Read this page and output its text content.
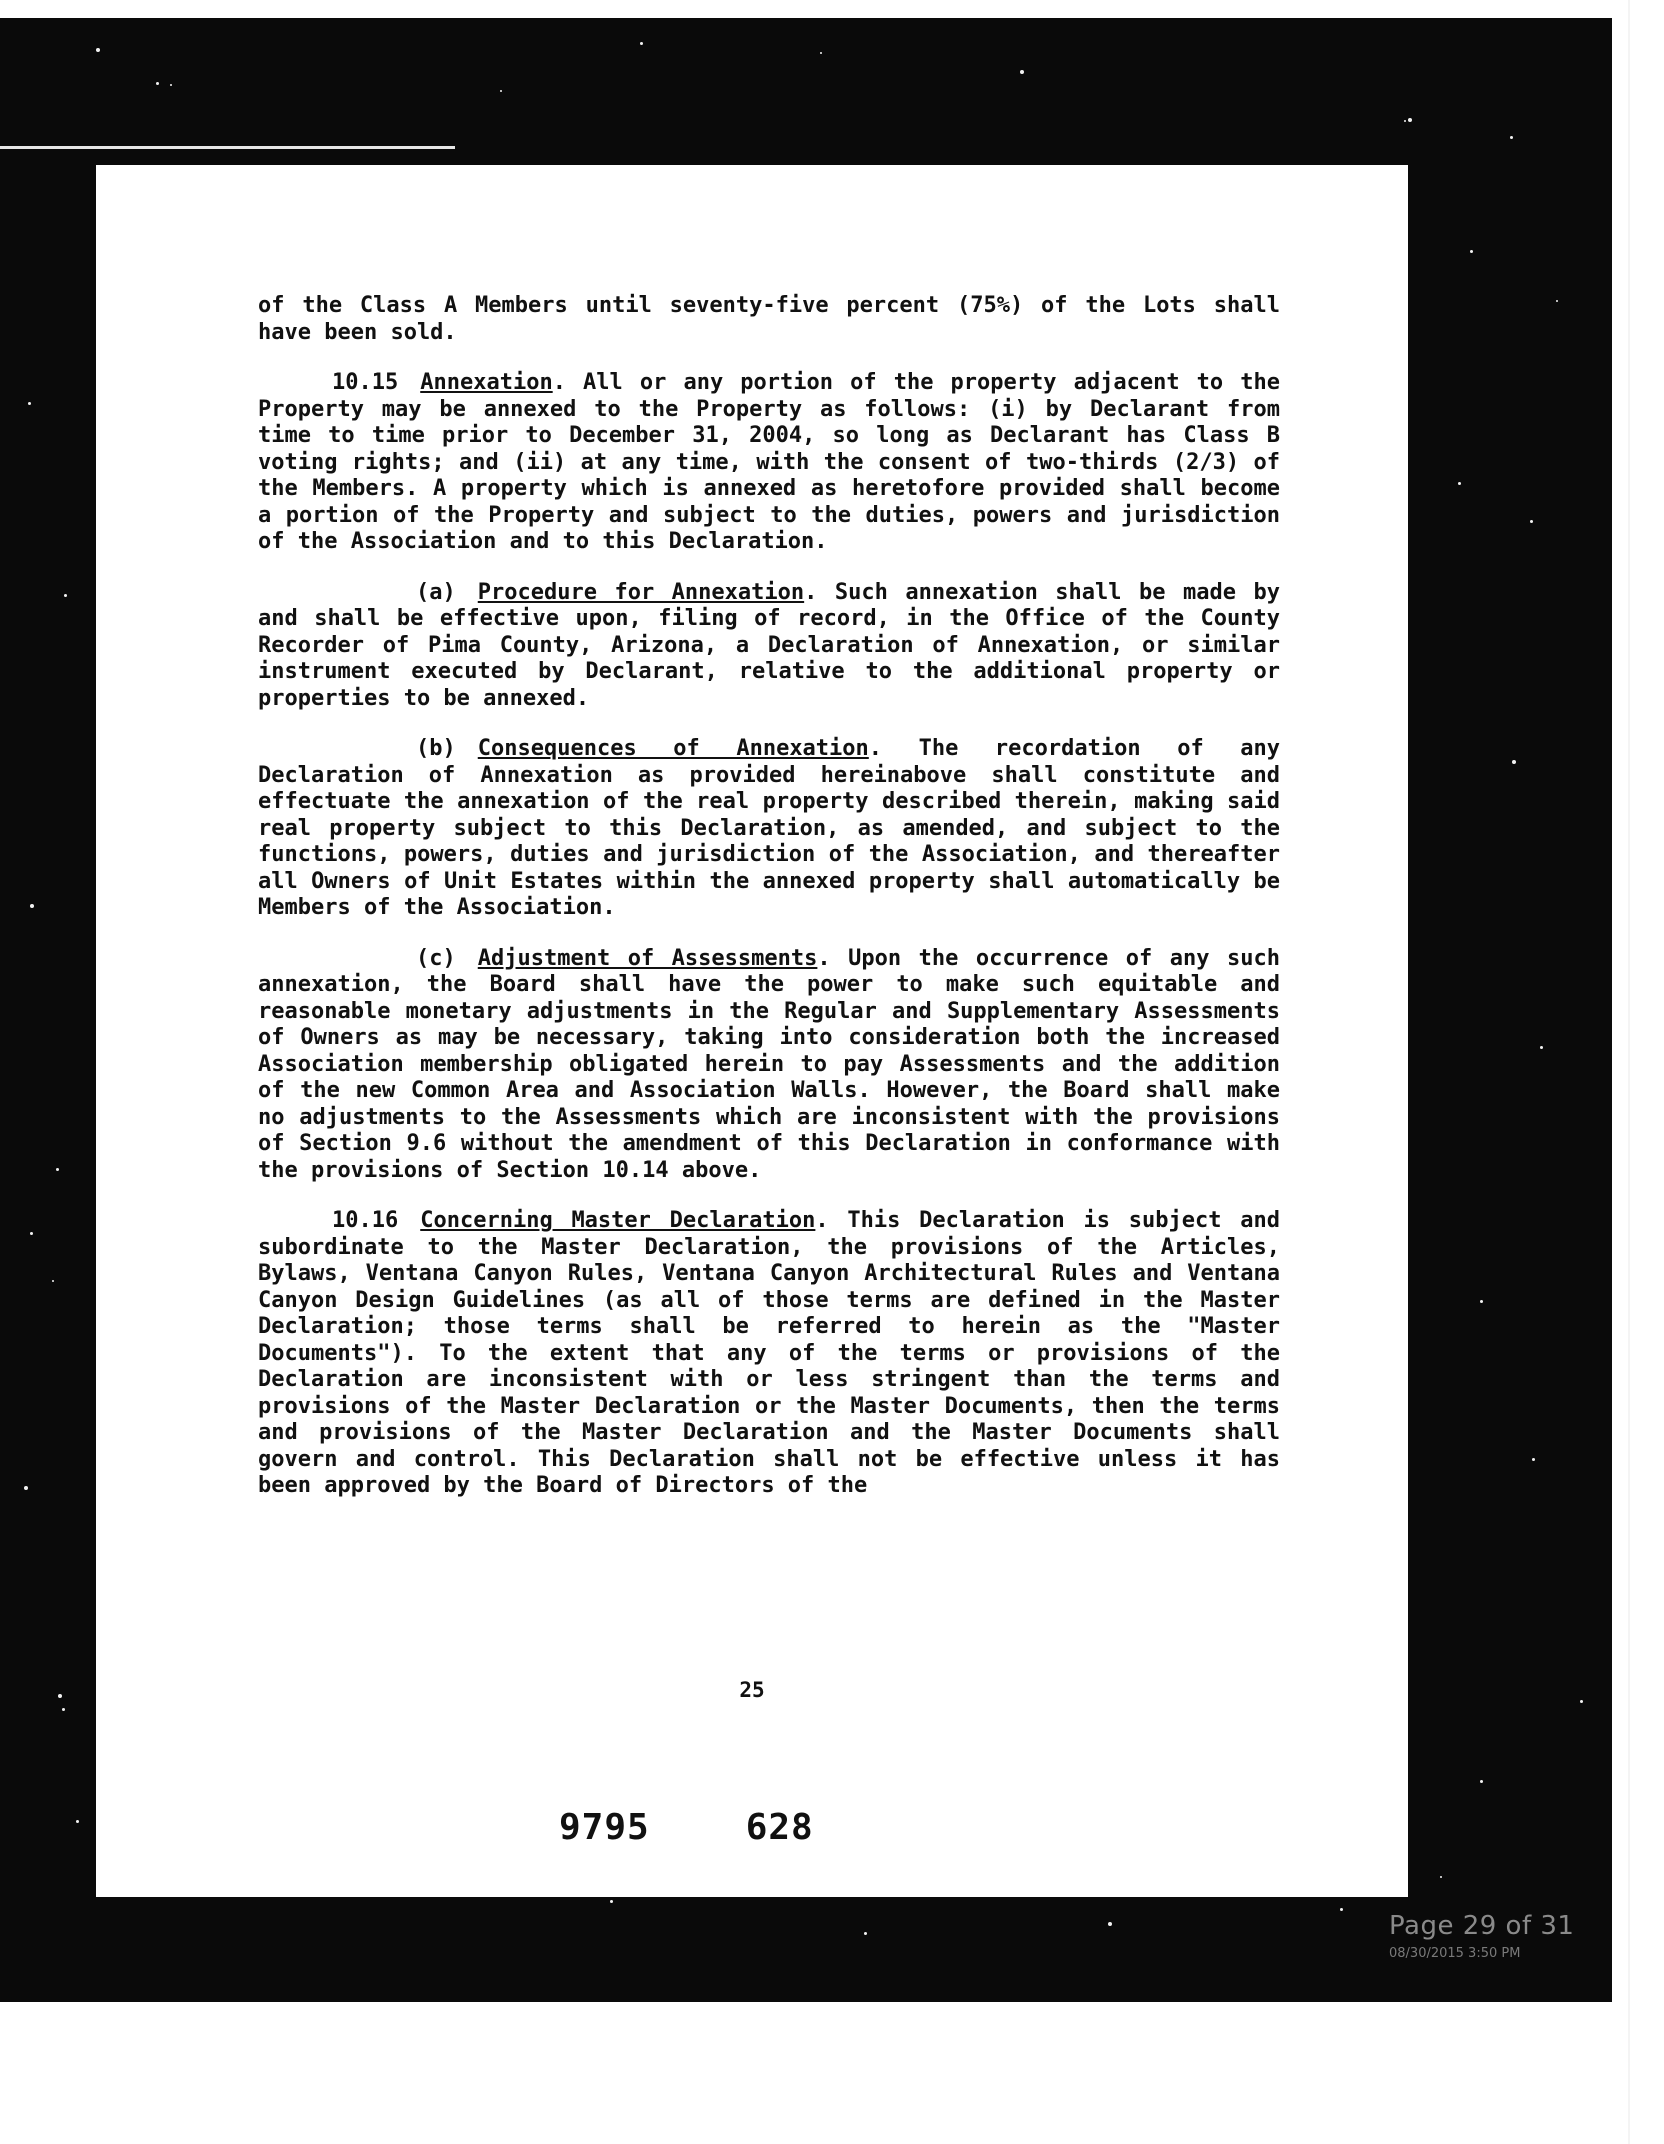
of the Class A Members until seventy-five percent (75%) of the Lots shall have been sold.

10.15 Annexation. All or any portion of the property adjacent to the Property may be annexed to the Property as follows: (i) by Declarant from time to time prior to December 31, 2004, so long as Declarant has Class B voting rights; and (ii) at any time, with the consent of two-thirds (2/3) of the Members. A property which is annexed as heretofore provided shall become a portion of the Property and subject to the duties, powers and jurisdiction of the Association and to this Declaration.

(a) Procedure for Annexation. Such annexation shall be made by and shall be effective upon, filing of record, in the Office of the County Recorder of Pima County, Arizona, a Declaration of Annexation, or similar instrument executed by Declarant, relative to the additional property or properties to be annexed.

(b) Consequences of Annexation. The recordation of any Declaration of Annexation as provided hereinabove shall constitute and effectuate the annexation of the real property described therein, making said real property subject to this Declaration, as amended, and subject to the functions, powers, duties and jurisdiction of the Association, and thereafter all Owners of Unit Estates within the annexed property shall automatically be Members of the Association.

(c) Adjustment of Assessments. Upon the occurrence of any such annexation, the Board shall have the power to make such equitable and reasonable monetary adjustments in the Regular and Supplementary Assessments of Owners as may be necessary, taking into consideration both the increased Association membership obligated herein to pay Assessments and the addition of the new Common Area and Association Walls. However, the Board shall make no adjustments to the Assessments which are inconsistent with the provisions of Section 9.6 without the amendment of this Declaration in conformance with the provisions of Section 10.14 above.

10.16 Concerning Master Declaration. This Declaration is subject and subordinate to the Master Declaration, the provisions of the Articles, Bylaws, Ventana Canyon Rules, Ventana Canyon Architectural Rules and Ventana Canyon Design Guidelines (as all of those terms are defined in the Master Declaration; those terms shall be referred to herein as the "Master Documents"). To the extent that any of the terms or provisions of the Declaration are inconsistent with or less stringent than the terms and provisions of the Master Declaration or the Master Documents, then the terms and provisions of the Master Declaration and the Master Documents shall govern and control. This Declaration shall not be effective unless it has been approved by the Board of Directors of the

25
9795	628
Page 29 of 31
08/30/2015 3:50 PM
